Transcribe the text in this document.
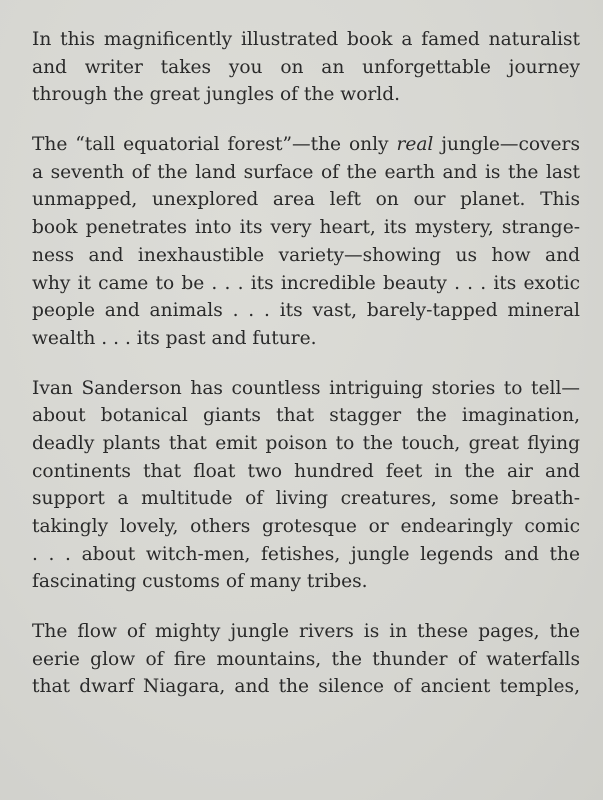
In this magnificently illustrated book a famed naturalist
and writer takes you on an unforgettable journey
through the great jungles of the world.
The “tall equatorial forest”—the only real jungle—covers
a seventh of the land surface of the earth and is the last
unmapped, unexplored area left on our planet. This
book penetrates into its very heart, its mystery, strange-
ness and inexhaustible variety—showing us how and
why it came to be . . . its incredible beauty . . . its exotic
people and animals . . . its vast, barely-tapped mineral
wealth . . . its past and future.
Ivan Sanderson has countless intriguing stories to tell—
about botanical giants that stagger the imagination,
deadly plants that emit poison to the touch, great flying
continents that float two hundred feet in the air and
support a multitude of living creatures, some breath-
takingly lovely, others grotesque or endearingly comic
. . . about witch-men, fetishes, jungle legends and the
fascinating customs of many tribes.
The flow of mighty jungle rivers is in these pages, the
eerie glow of fire mountains, the thunder of waterfalls
that dwarf Niagara, and the silence of ancient temples,
